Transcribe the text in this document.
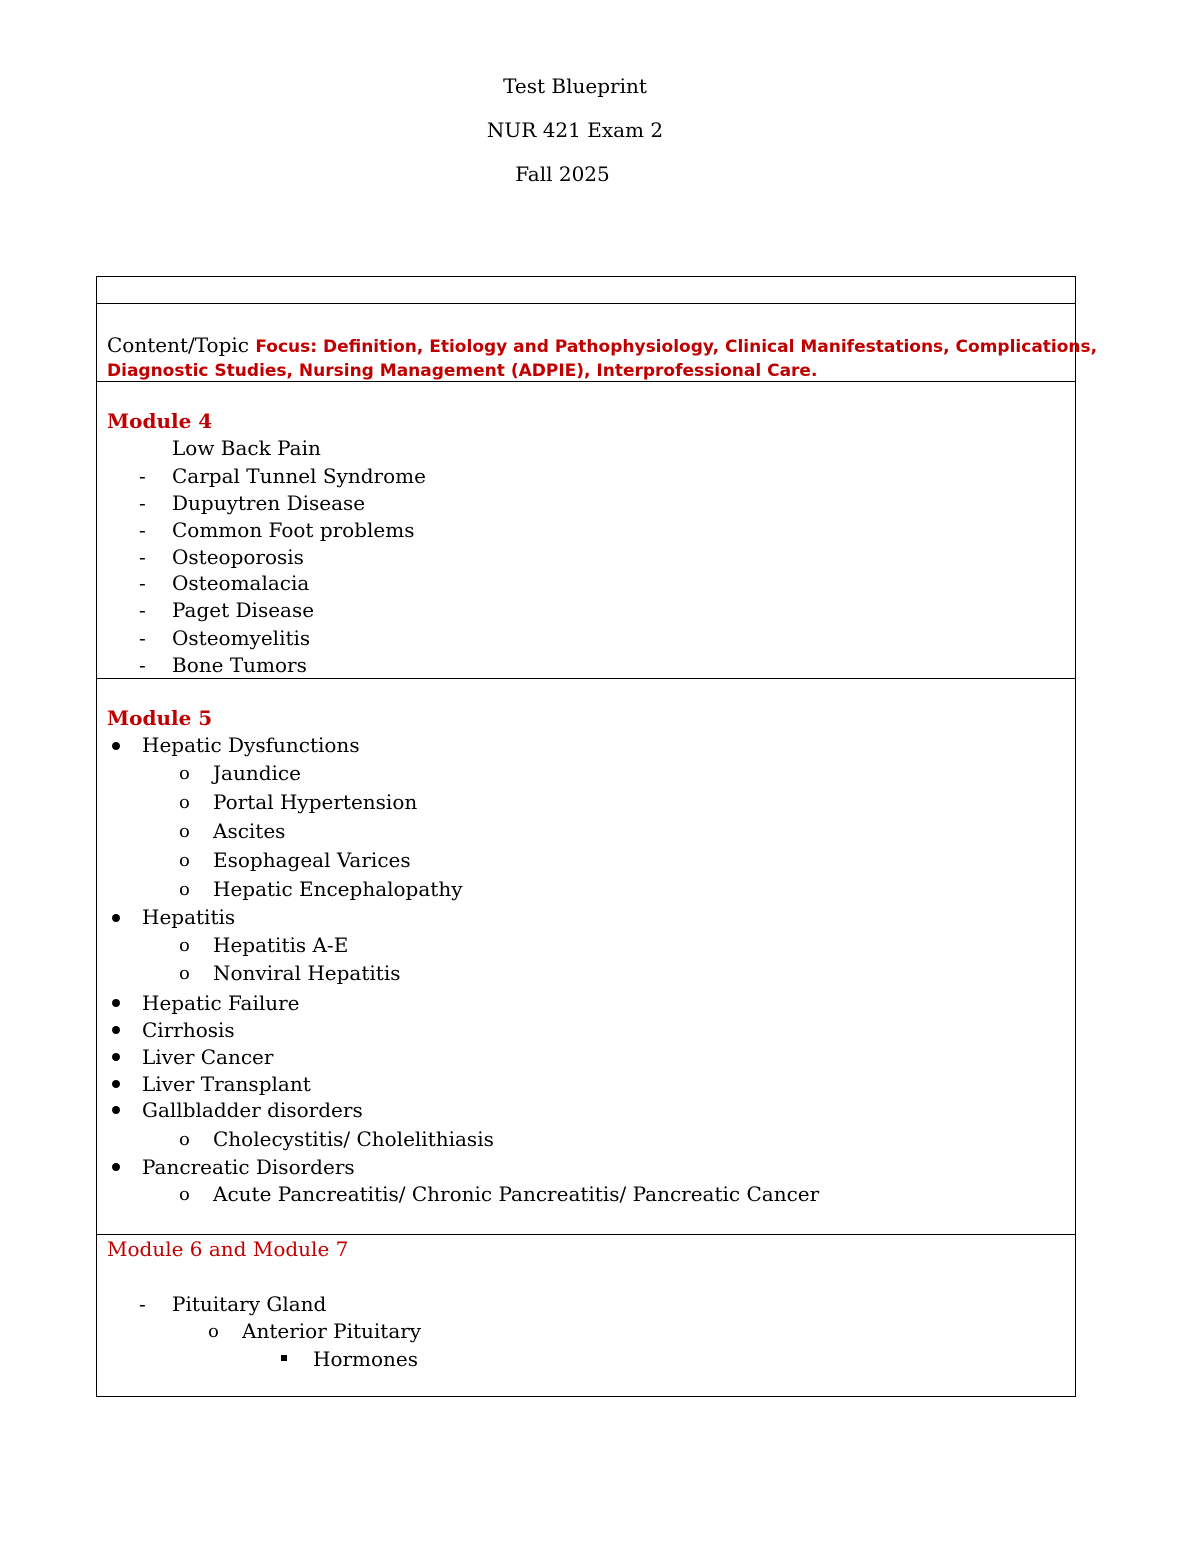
Test Blueprint
NUR 421 Exam 2
Fall 2025
Content/Topic Focus: Definition, Etiology and Pathophysiology, Clinical Manifestations, Complications,
Diagnostic Studies, Nursing Management (ADPIE), Interprofessional Care.
Module 4
Low Back Pain
- Carpal Tunnel Syndrome
- Dupuytren Disease
- Common Foot problems
- Osteoporosis
- Osteomalacia
- Paget Disease
- Osteomyelitis
- Bone Tumors
Module 5
Hepatic Dysfunctions
o Jaundice
o Portal Hypertension
o Ascites
o Esophageal Varices
o Hepatic Encephalopathy
Hepatitis
o Hepatitis A-E
o Nonviral Hepatitis
Hepatic Failure
Cirrhosis
Liver Cancer
Liver Transplant
Gallbladder disorders
o Cholecystitis/ Cholelithiasis
Pancreatic Disorders
o Acute Pancreatitis/ Chronic Pancreatitis/ Pancreatic Cancer
Module 6 and Module 7
- Pituitary Gland
o Anterior Pituitary
Hormones
